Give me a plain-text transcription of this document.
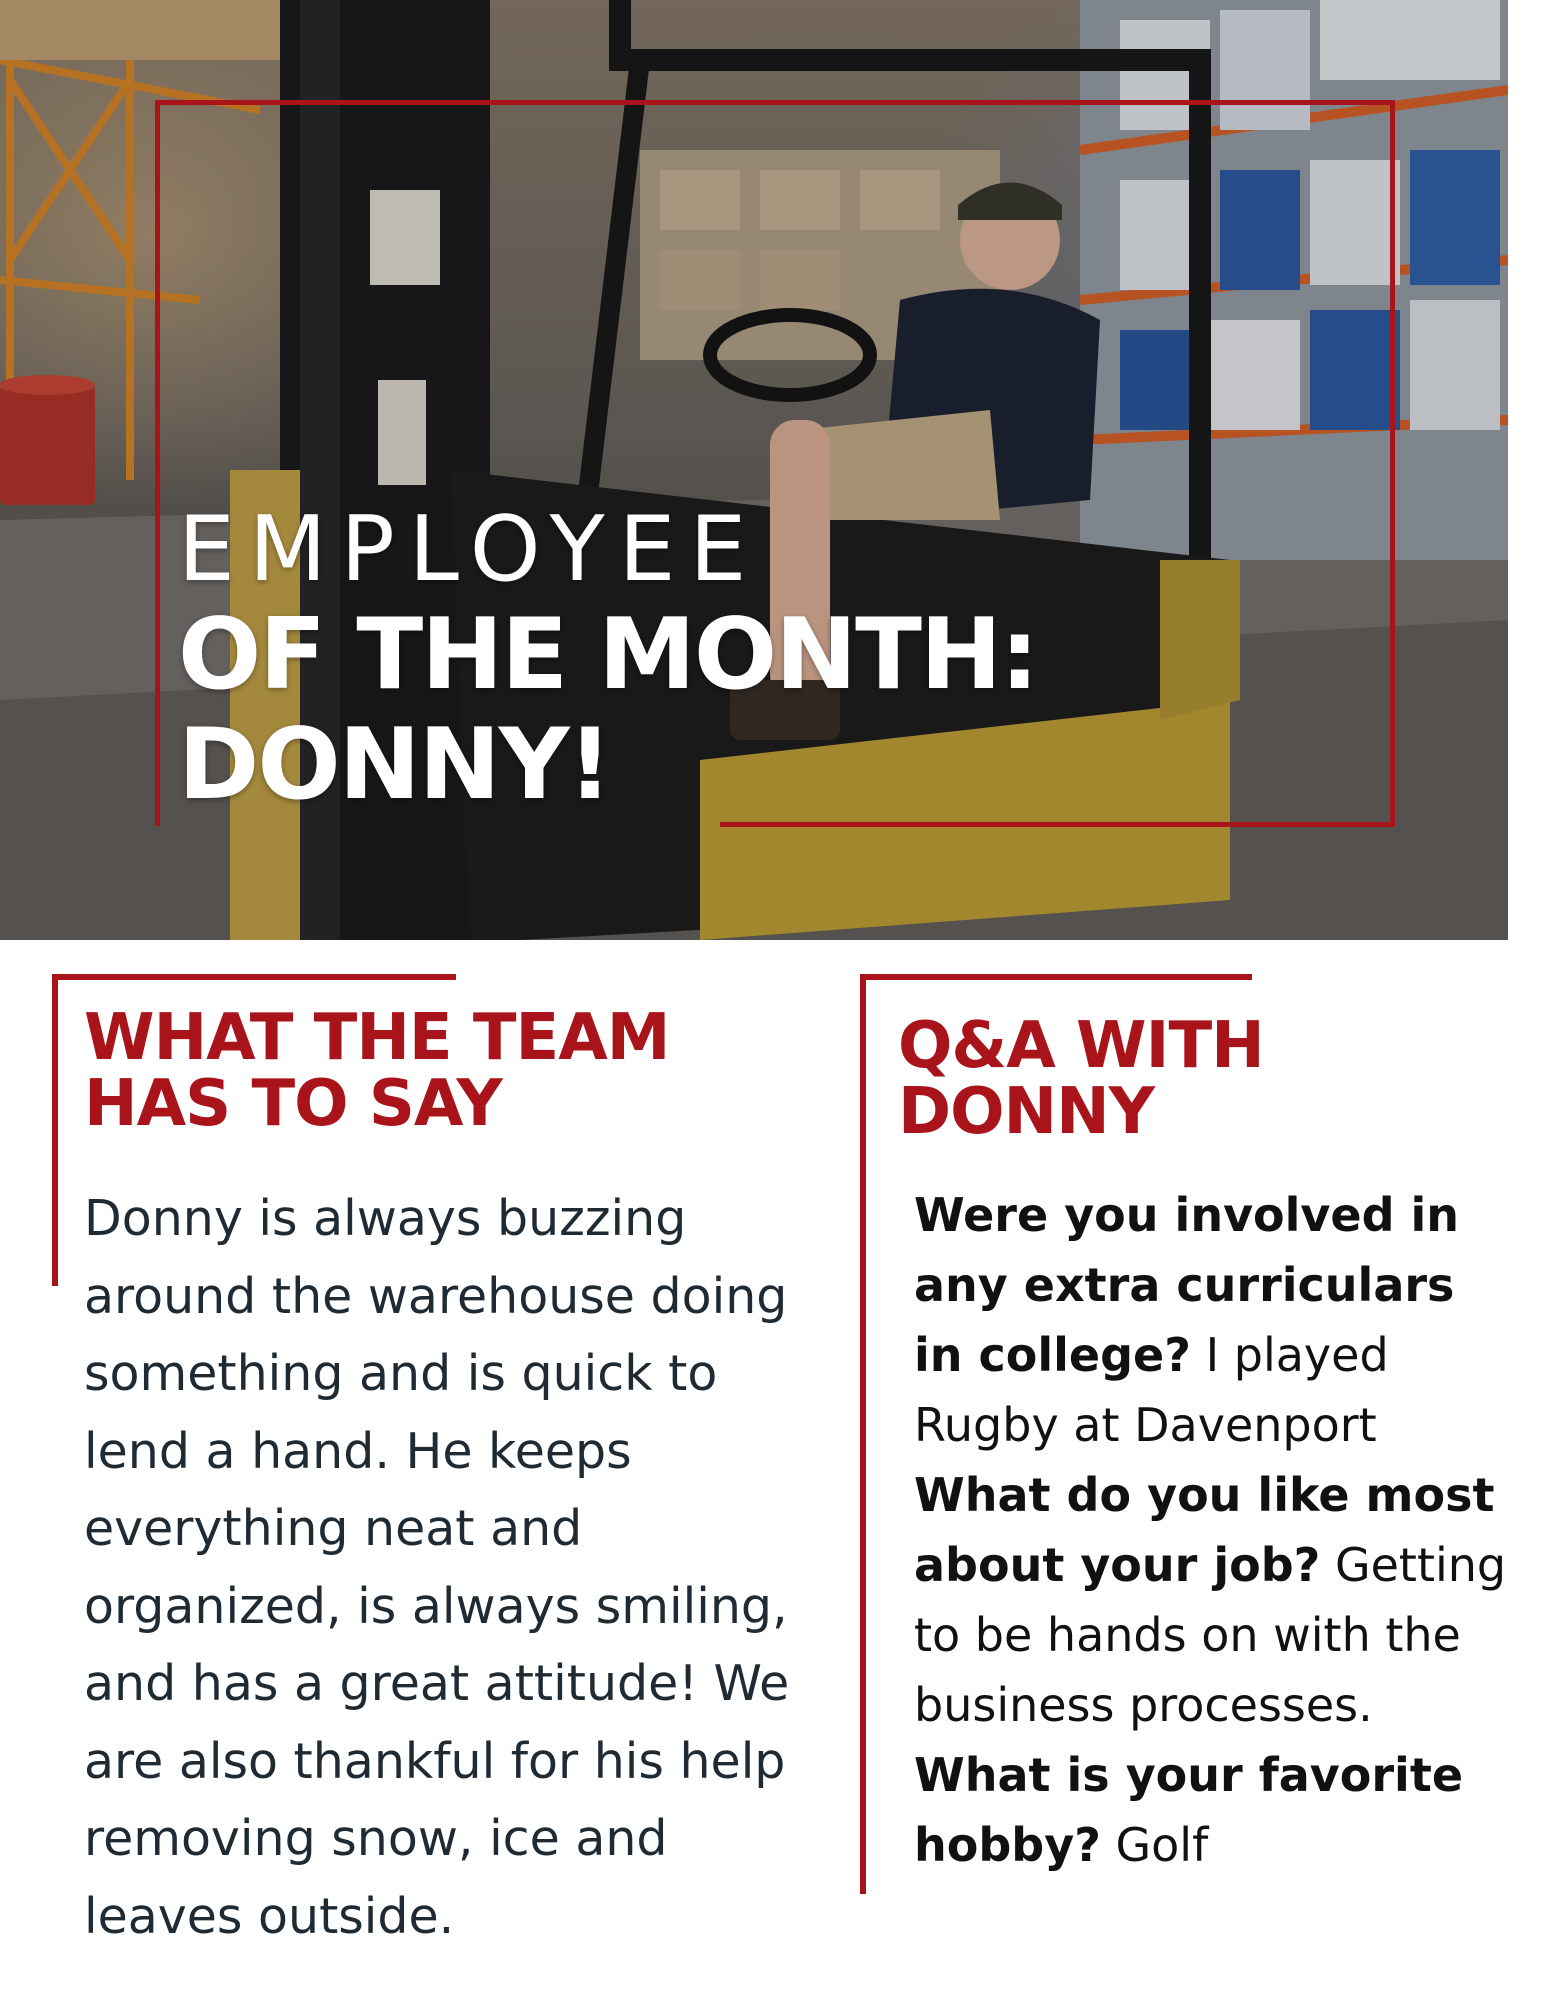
EMPLOYEE
OF THE MONTH:
DONNY!
WHAT THE TEAM
HAS TO SAY

Donny is always buzzing around the warehouse doing something and is quick to lend a hand. He keeps everything neat and organized, is always smiling, and has a great attitude! We are also thankful for his help removing snow, ice and leaves outside.

Q&A WITH
DONNY
Were you involved in any extra curriculars in college? I played Rugby at Davenport
What do you like most about your job? Getting to be hands on with the business processes.
What is your favorite hobby? Golf
